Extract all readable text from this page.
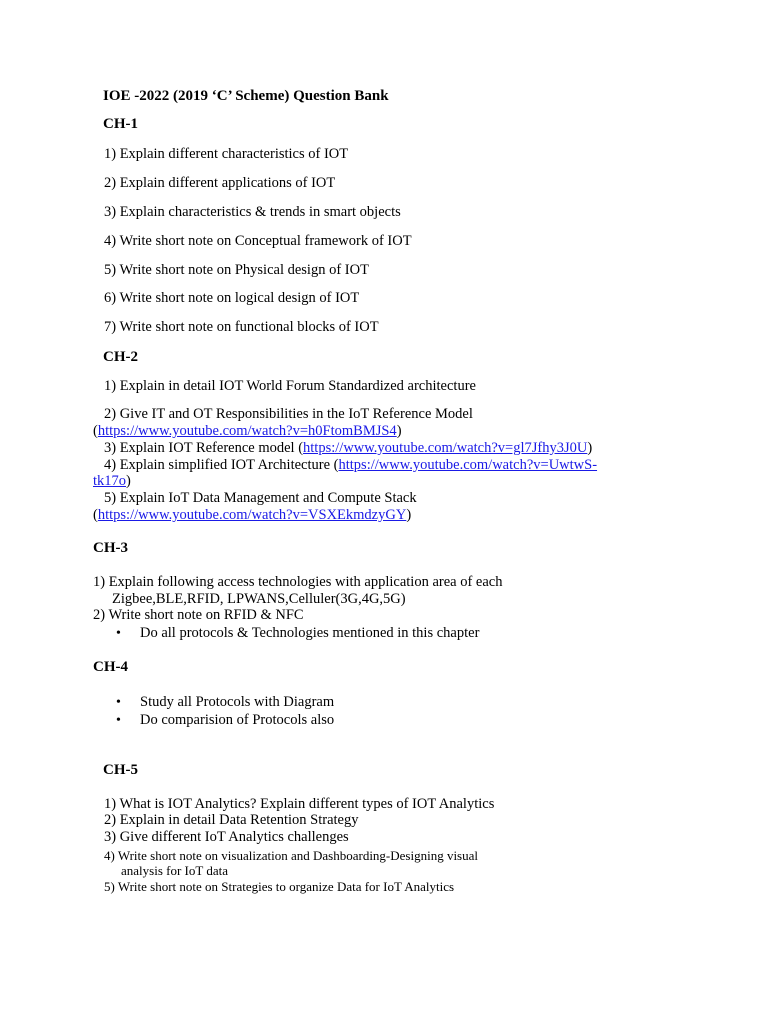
IOE -2022 (2019 ‘C’ Scheme) Question Bank
CH-1
1) Explain different characteristics of IOT
2) Explain different applications of IOT
3) Explain characteristics & trends in smart objects
4) Write short note on Conceptual framework of IOT
5) Write short note on Physical design of IOT
6) Write short note on logical design of IOT
7) Write short note on functional blocks of IOT
CH-2
1) Explain in detail IOT World Forum Standardized architecture
2) Give IT and OT Responsibilities in the IoT Reference Model
(https://www.youtube.com/watch?v=h0FtomBMJS4)
3) Explain IOT Reference model (https://www.youtube.com/watch?v=gl7Jfhy3J0U)
4) Explain simplified IOT Architecture (https://www.youtube.com/watch?v=UwtwS-
tk17o)
5) Explain IoT Data Management and Compute Stack
(https://www.youtube.com/watch?v=VSXEkmdzyGY)
CH-3
1) Explain following access technologies with application area of each
Zigbee,BLE,RFID, LPWANS,Celluler(3G,4G,5G)
2) Write short note on RFID & NFC
• Do all protocols & Technologies mentioned in this chapter
CH-4
• Study all Protocols with Diagram
• Do comparision of Protocols also
CH-5
1) What is IOT Analytics? Explain different types of IOT Analytics
2) Explain in detail Data Retention Strategy
3) Give different IoT Analytics challenges
4) Write short note on visualization and Dashboarding-Designing visual
analysis for IoT data
5) Write short note on Strategies to organize Data for IoT Analytics
